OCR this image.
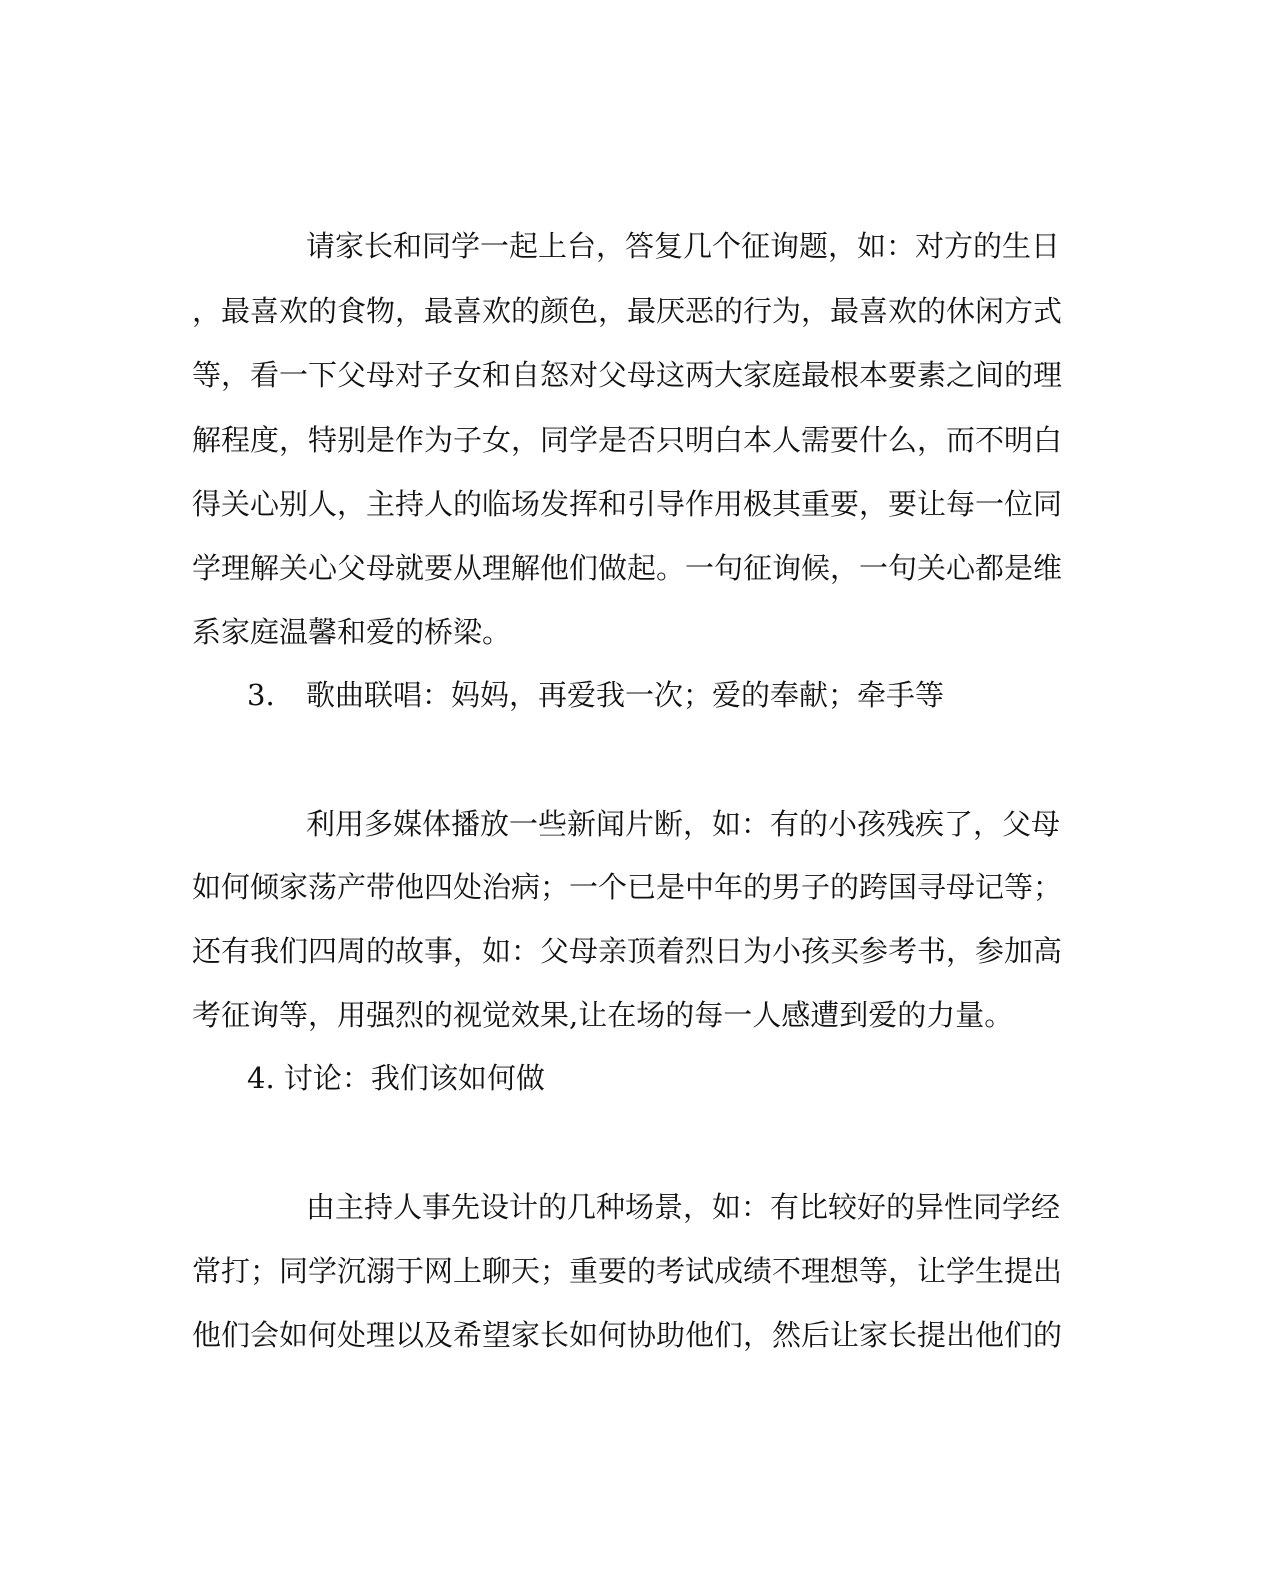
请家长和同学一起上台，答复几个征询题，如：对方的生日
，最喜欢的食物，最喜欢的颜色，最厌恶的行为，最喜欢的休闲方式
等，看一下父母对子女和自怒对父母这两大家庭最根本要素之间的理
解程度，特别是作为子女，同学是否只明白本人需要什么，而不明白
得关心别人，主持人的临场发挥和引导作用极其重要，要让每一位同
学理解关心父母就要从理解他们做起。一句征询候，一句关心都是维
系家庭温馨和爱的桥梁。
3. 歌曲联唱：妈妈，再爱我一次；爱的奉献；牵手等
利用多媒体播放一些新闻片断，如：有的小孩残疾了，父母
如何倾家荡产带他四处治病；一个已是中年的男子的跨国寻母记等；
还有我们四周的故事，如：父母亲顶着烈日为小孩买参考书，参加高
考征询等，用强烈的视觉效果,让在场的每一人感遭到爱的力量。
4. 讨论：我们该如何做
由主持人事先设计的几种场景，如：有比较好的异性同学经
常打；同学沉溺于网上聊天；重要的考试成绩不理想等，让学生提出
他们会如何处理以及希望家长如何协助他们，然后让家长提出他们的
